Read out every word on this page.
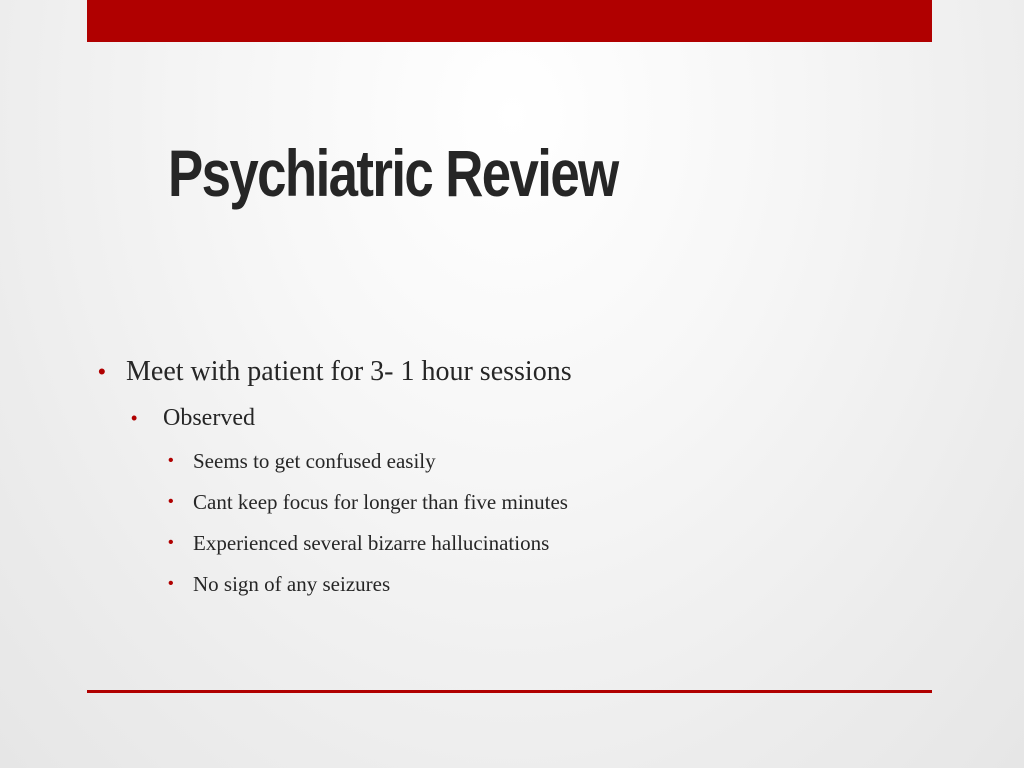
Psychiatric Review
• Meet with patient for 3- 1 hour sessions
• Observed
• Seems to get confused easily
• Cant keep focus for longer than five minutes
• Experienced several bizarre hallucinations
• No sign of any seizures
